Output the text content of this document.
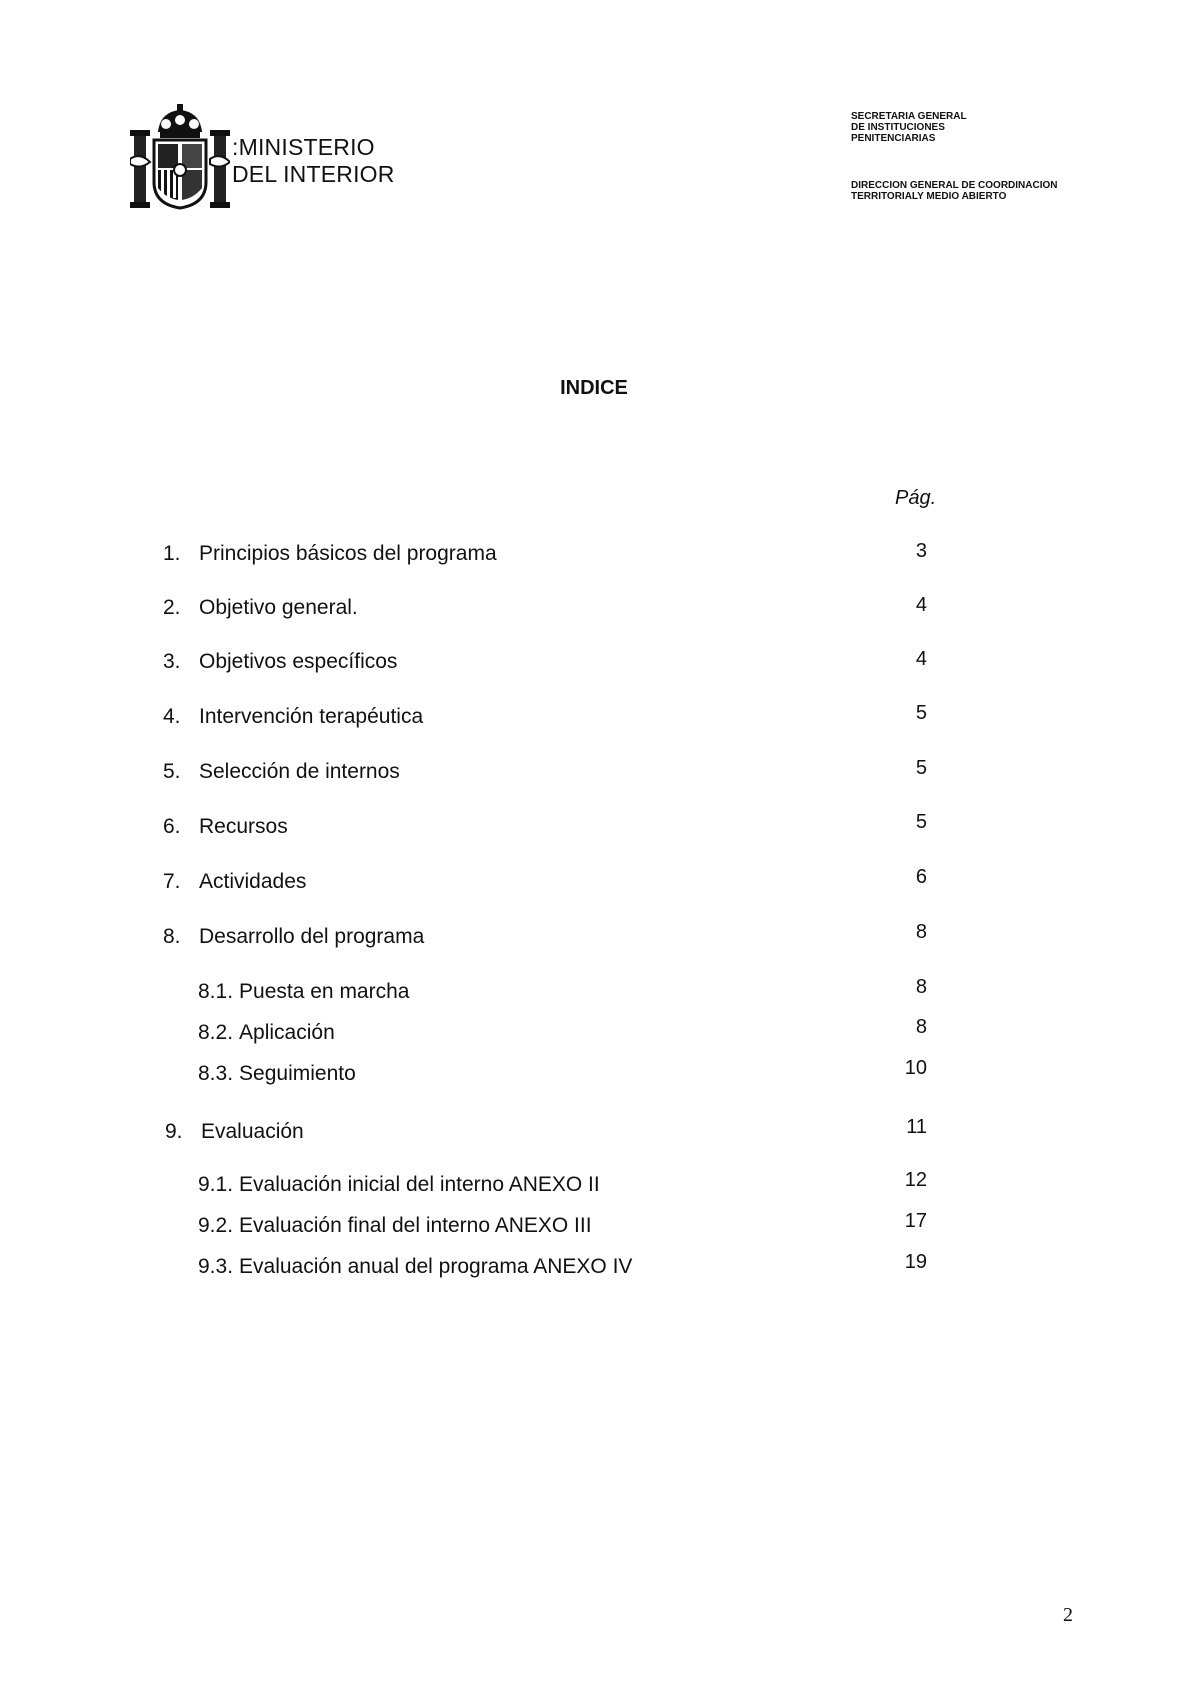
:MINISTERIO
DEL INTERIOR
SECRETARIA GENERAL
DE INSTITUCIONES
PENITENCIARIAS
DIRECCION GENERAL DE COORDINACION
TERRITORIALY MEDIO ABIERTO
INDICE
Pág.
1. Principios básicos del programa	3
2. Objetivo general.	4
3. Objetivos específicos	4
4. Intervención terapéutica	5
5. Selección de internos	5
6. Recursos	5
7. Actividades	6
8. Desarrollo del programa	8
8.1. Puesta en marcha	8
8.2. Aplicación	8
8.3. Seguimiento	10
9. Evaluación	11
9.1. Evaluación inicial del interno ANEXO II	12
9.2. Evaluación final del interno ANEXO III	17
9.3. Evaluación anual del programa ANEXO IV	19
2
